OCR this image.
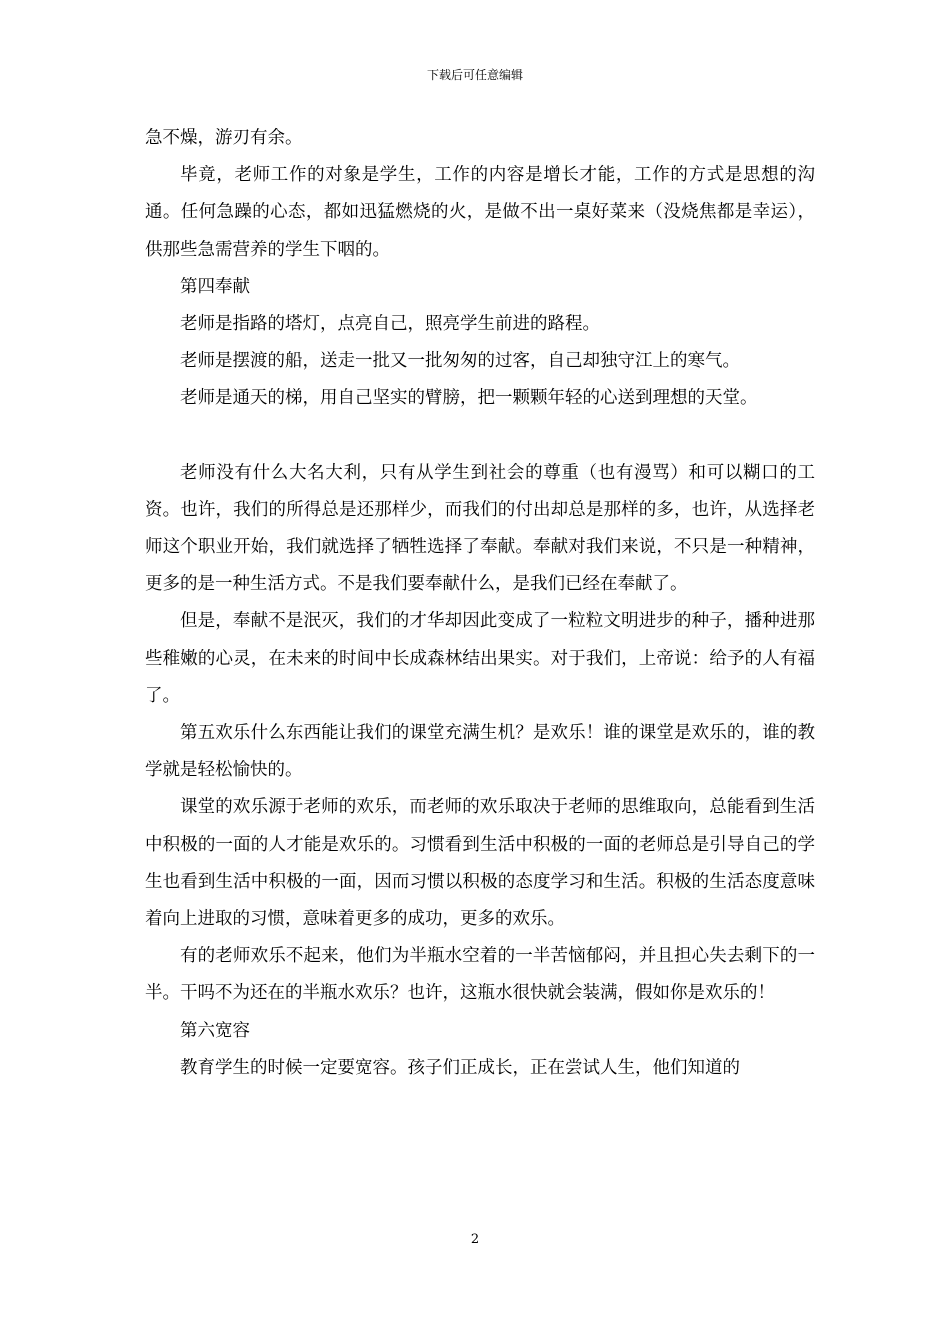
下载后可任意编辑

急不燥，游刃有余。

毕竟，老师工作的对象是学生，工作的内容是增长才能，工作的方式是思想的沟通。任何急躁的心态，都如迅猛燃烧的火，是做不出一桌好菜来（没烧焦都是幸运），供那些急需营养的学生下咽的。

第四奉献

老师是指路的塔灯，点亮自己，照亮学生前进的路程。

老师是摆渡的船，送走一批又一批匆匆的过客，自己却独守江上的寒气。

老师是通天的梯，用自己坚实的臂膀，把一颗颗年轻的心送到理想的天堂。

老师没有什么大名大利，只有从学生到社会的尊重（也有漫骂）和可以糊口的工资。也许，我们的所得总是还那样少，而我们的付出却总是那样的多，也许，从选择老师这个职业开始，我们就选择了牺牲选择了奉献。奉献对我们来说，不只是一种精神，更多的是一种生活方式。不是我们要奉献什么，是我们已经在奉献了。

但是，奉献不是泯灭，我们的才华却因此变成了一粒粒文明进步的种子，播种进那些稚嫩的心灵，在未来的时间中长成森林结出果实。对于我们，上帝说：给予的人有福了。

第五欢乐什么东西能让我们的课堂充满生机？是欢乐！谁的课堂是欢乐的，谁的教学就是轻松愉快的。

课堂的欢乐源于老师的欢乐，而老师的欢乐取决于老师的思维取向，总能看到生活中积极的一面的人才能是欢乐的。习惯看到生活中积极的一面的老师总是引导自己的学生也看到生活中积极的一面，因而习惯以积极的态度学习和生活。积极的生活态度意味着向上进取的习惯，意味着更多的成功，更多的欢乐。

有的老师欢乐不起来，他们为半瓶水空着的一半苦恼郁闷，并且担心失去剩下的一半。干吗不为还在的半瓶水欢乐？也许，这瓶水很快就会装满，假如你是欢乐的！

第六宽容

教育学生的时候一定要宽容。孩子们正成长，正在尝试人生，他们知道的

2
